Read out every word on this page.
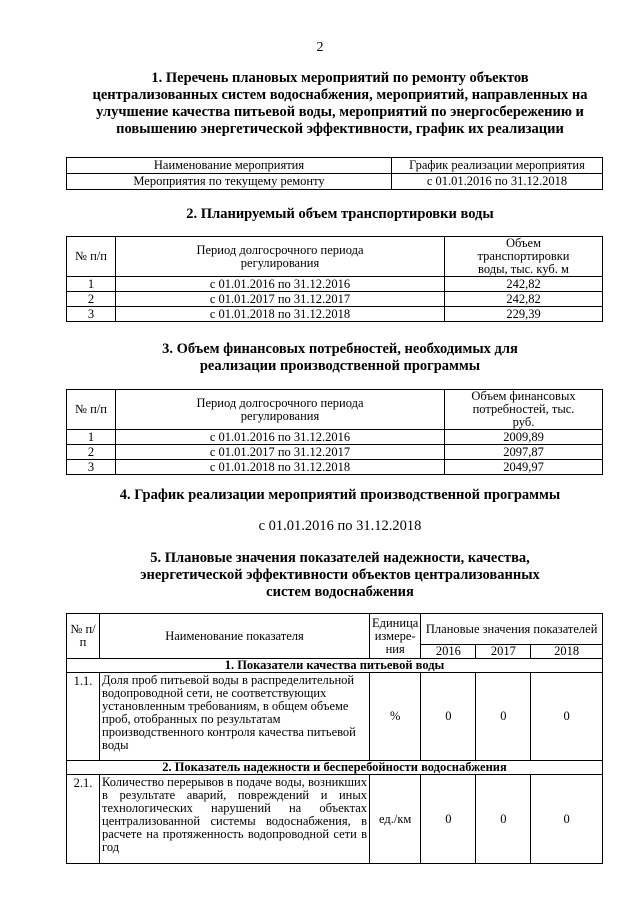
2
1. Перечень плановых мероприятий по ремонту объектов
централизованных систем водоснабжения, мероприятий, направленных на
улучшение качества питьевой воды, мероприятий по энергосбережению и
повышению энергетической эффективности, график их реализации
Наименование мероприятия	График реализации мероприятия
Мероприятия по текущему ремонту	с 01.01.2016 по 31.12.2018
2. Планируемый объем транспортировки воды
№ п/п	Период долгосрочного периода регулирования	Объем транспортировки воды, тыс. куб. м
1	с 01.01.2016 по 31.12.2016	242,82
2	с 01.01.2017 по 31.12.2017	242,82
3	с 01.01.2018 по 31.12.2018	229,39
3. Объем финансовых потребностей, необходимых для
реализации производственной программы
№ п/п	Период долгосрочного периода регулирования	Объем финансовых потребностей, тыс. руб.
1	с 01.01.2016 по 31.12.2016	2009,89
2	с 01.01.2017 по 31.12.2017	2097,87
3	с 01.01.2018 по 31.12.2018	2049,97
4. График реализации мероприятий производственной программы
с 01.01.2016 по 31.12.2018
5. Плановые значения показателей надежности, качества,
энергетической эффективности объектов централизованных
систем водоснабжения
№ п/п	Наименование показателя	Единица измере-ния	Плановые значения показателей		
			2016	2017	2018
1. Показатели качества питьевой воды					
1.1.	Доля проб питьевой воды в распределительной водопроводной сети, не соответствующих установленным требованиям, в общем объеме проб, отобранных по результатам производственного контроля качества питьевой воды	%	0	0	0
2. Показатель надежности и бесперебойности водоснабжения					
2.1.	Количество перерывов в подаче воды, возникших в результате аварий, повреждений и иных технологических нарушений на объектах централизованной системы водоснабжения, в расчете на протяженность водопроводной сети в год	ед./км	0	0	0
